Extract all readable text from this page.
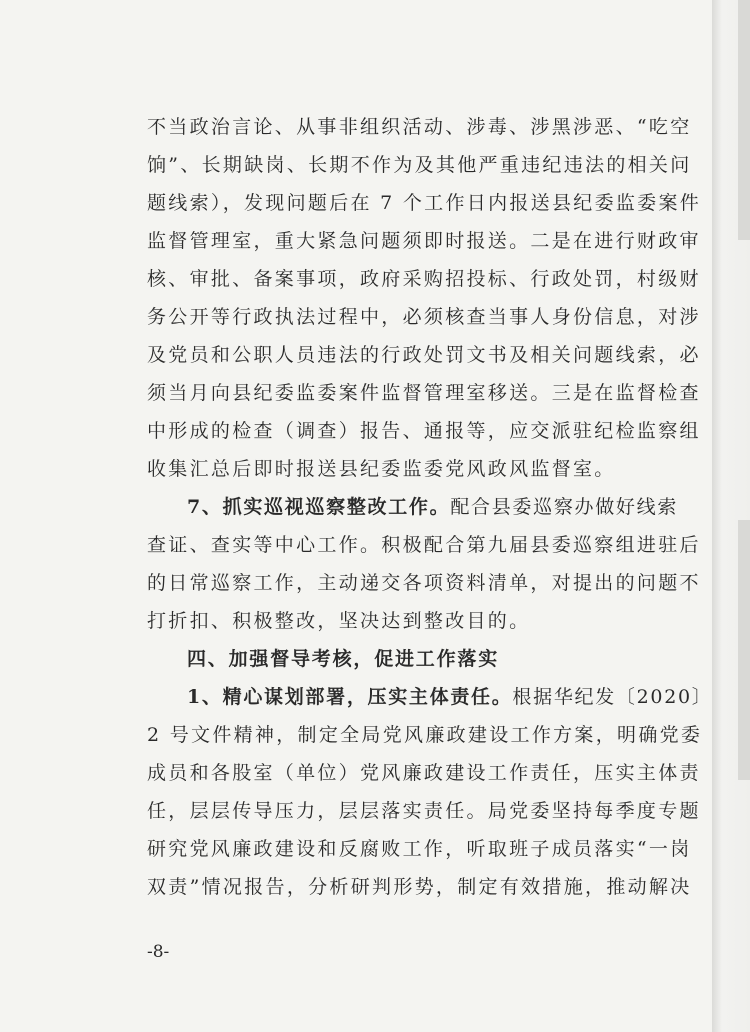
不当政治言论、从事非组织活动、涉毒、涉黑涉恶、“吃空
饷”、长期缺岗、长期不作为及其他严重违纪违法的相关问
题线索），发现问题后在 7 个工作日内报送县纪委监委案件
监督管理室，重大紧急问题须即时报送。二是在进行财政审
核、审批、备案事项，政府采购招投标、行政处罚，村级财
务公开等行政执法过程中，必须核查当事人身份信息，对涉
及党员和公职人员违法的行政处罚文书及相关问题线索，必
须当月向县纪委监委案件监督管理室移送。三是在监督检查
中形成的检查（调查）报告、通报等，应交派驻纪检监察组
收集汇总后即时报送县纪委监委党风政风监督室。
7、抓实巡视巡察整改工作。配合县委巡察办做好线索
查证、查实等中心工作。积极配合第九届县委巡察组进驻后
的日常巡察工作，主动递交各项资料清单，对提出的问题不
打折扣、积极整改，坚决达到整改目的。
四、加强督导考核，促进工作落实
1、精心谋划部署，压实主体责任。根据华纪发〔2020〕
2 号文件精神，制定全局党风廉政建设工作方案，明确党委
成员和各股室（单位）党风廉政建设工作责任，压实主体责
任，层层传导压力，层层落实责任。局党委坚持每季度专题
研究党风廉政建设和反腐败工作，听取班子成员落实“一岗
双责”情况报告，分析研判形势，制定有效措施，推动解决
-8-
